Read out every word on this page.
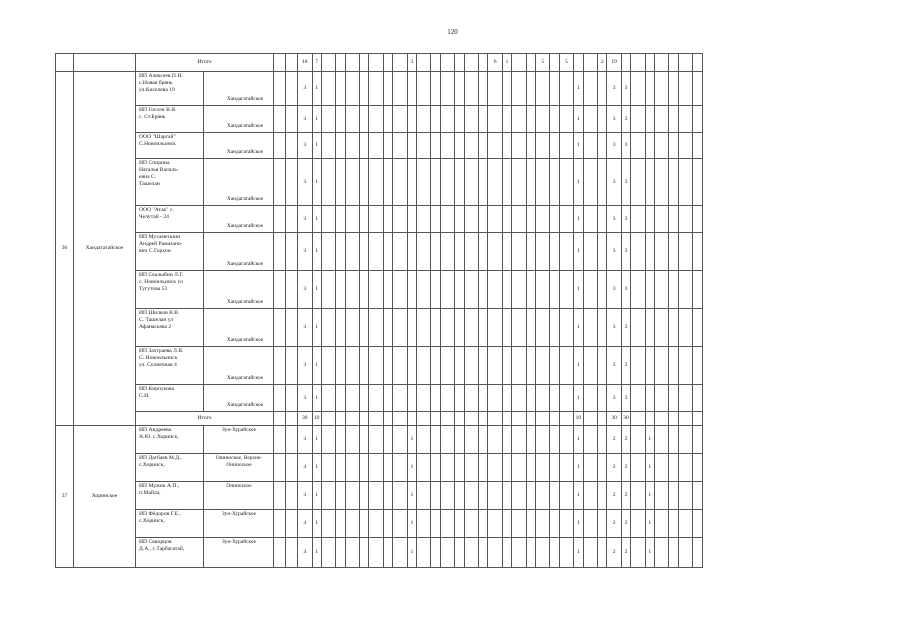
120
		Итого				18	7								3							6	1			5		5			2	19							
36	Хандагатайское	ИП Алексеев П.Н.
с.Новая брянь
ул.Киселева 19	Хандагатайское			3	1																						1			3	3						

		ИП Госсен В.Я.
с. Ст.Брянь	Хандагатайское			3	1																						1			3	3						

		ООО "Шаргай"
С.Новоильинск	Хандагатайское			3	1																						1			3	3						

		ИП Спирина
Наталья Василь-
евна С.
Ташелан	Хандагатайское			3	1																						1			3	3						

		ООО "Атак" с.
Челутай - 24	Хандагатайское			3	1																						1			3	3						

		ИП Мухаметшин
Андрей Рамазано-
вич С.Горхон	Хандагатайское			3	1																						1			3	3						

		ИП Скалыбин Л.Г.
с. Новоильинск ул
Тугутова 53	Хандагатайское			3	1																						1			3	3						

		ИП Шилков В.В.
С. Ташелан ул
Афанасьева 2	Хандагатайское			3	1																						1			3	3						

		ИП Захтраева Л.В.
С. Новоильинск
ул. Солнечная 4	Хандагатайское			3	1																						1			3	3						

		ИП Кирпукова
С.И.	Хандагатайское			3	1																						1			3	3						
		Итого				30	10																						10			30	30						
37	Хоринское	ИП Андреева
А.Ю. с.Хоринск,	Зун-Хурайское			3	1								1														1			2	2		1				

		ИП Дагбаев М.Д.,
с.Хоринск,	Ониноское, Верхне-Ониноское			4	1								1														1			2	2		1				

		ИП Мужик А.П.,
п.Майла,	Ониноское			3	1								1														1			2	2		1				

		ИП Фёдоров Г.Е.,
с.Хоринск,	Зун-Хурайское			4	1								1														1			2	2		1				

		ИП Скворцов
Д.А., с.Тарбагатай,	Зун-Хурайское			4	1								1														1			2	2		1				
